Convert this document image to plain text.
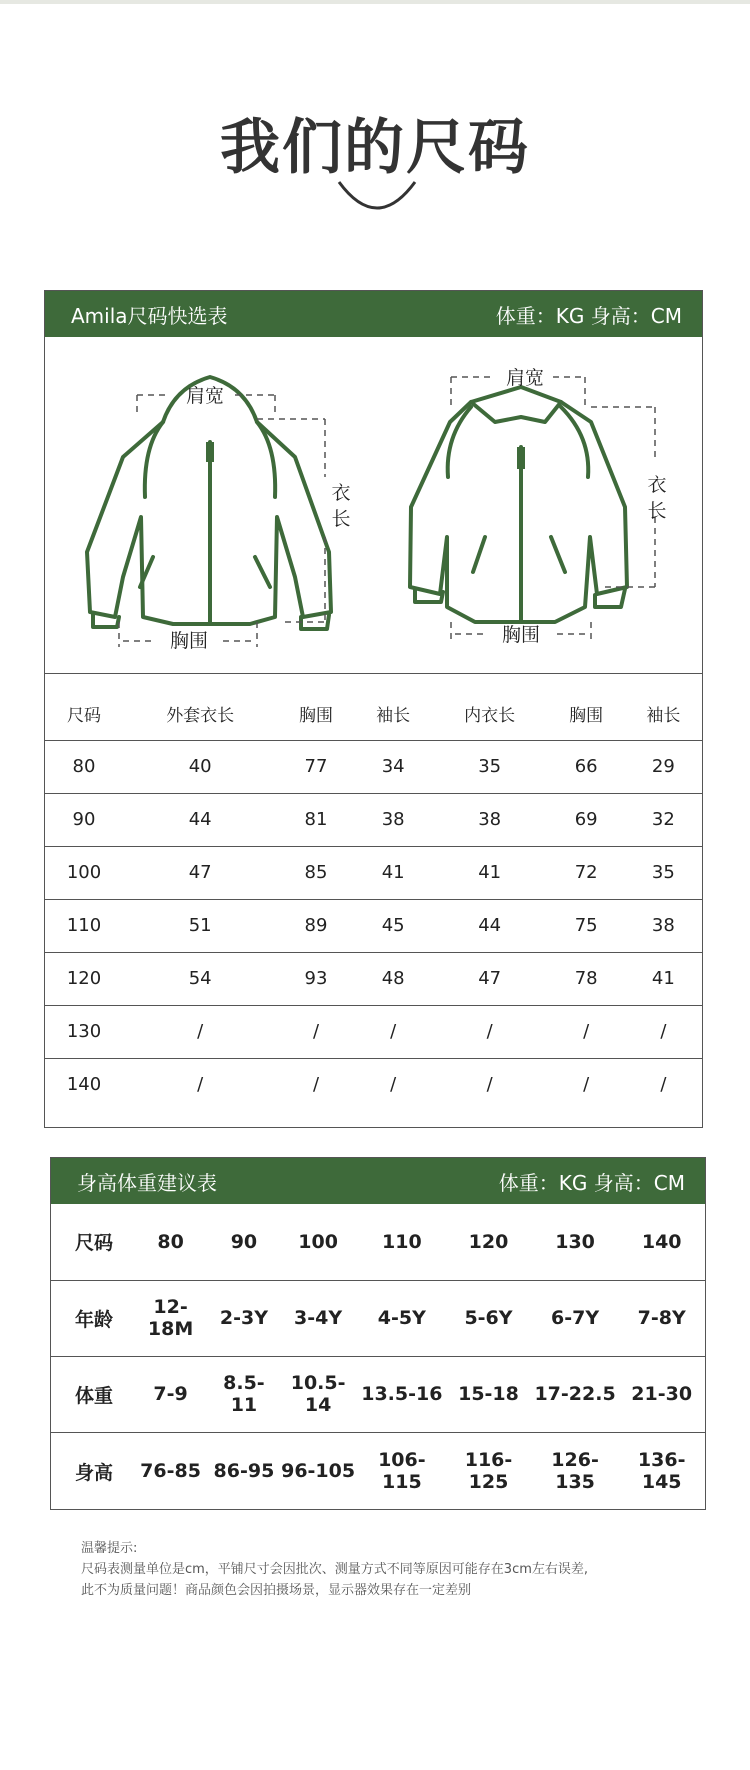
我们的尺码
Amila尺码快选表	体重：KG 身高：CM
肩宽
衣
长
胸围
肩宽
衣
长
胸围
尺码	外套衣长	胸围	袖长	内衣长	胸围	袖长
80	40	77	34	35	66	29
90	44	81	38	38	69	32
100	47	85	41	41	72	35
110	51	89	45	44	75	38
120	54	93	48	47	78	41
130	/	/	/	/	/	/
140	/	/	/	/	/	/
身高体重建议表	体重：KG 身高：CM
尺码	80	90	100	110	120	130	140
年龄	12-18M	2-3Y	3-4Y	4-5Y	5-6Y	6-7Y	7-8Y
体重	7-9	8.5-11	10.5-14	13.5-16	15-18	17-22.5	21-30
身高	76-85	86-95	96-105	106-115	116-125	126-135	136-145
温馨提示:
尺码表测量单位是cm，平铺尺寸会因批次、测量方式不同等原因可能存在3cm左右误差,
此不为质量问题！商品颜色会因拍摄场景，显示器效果存在一定差别
